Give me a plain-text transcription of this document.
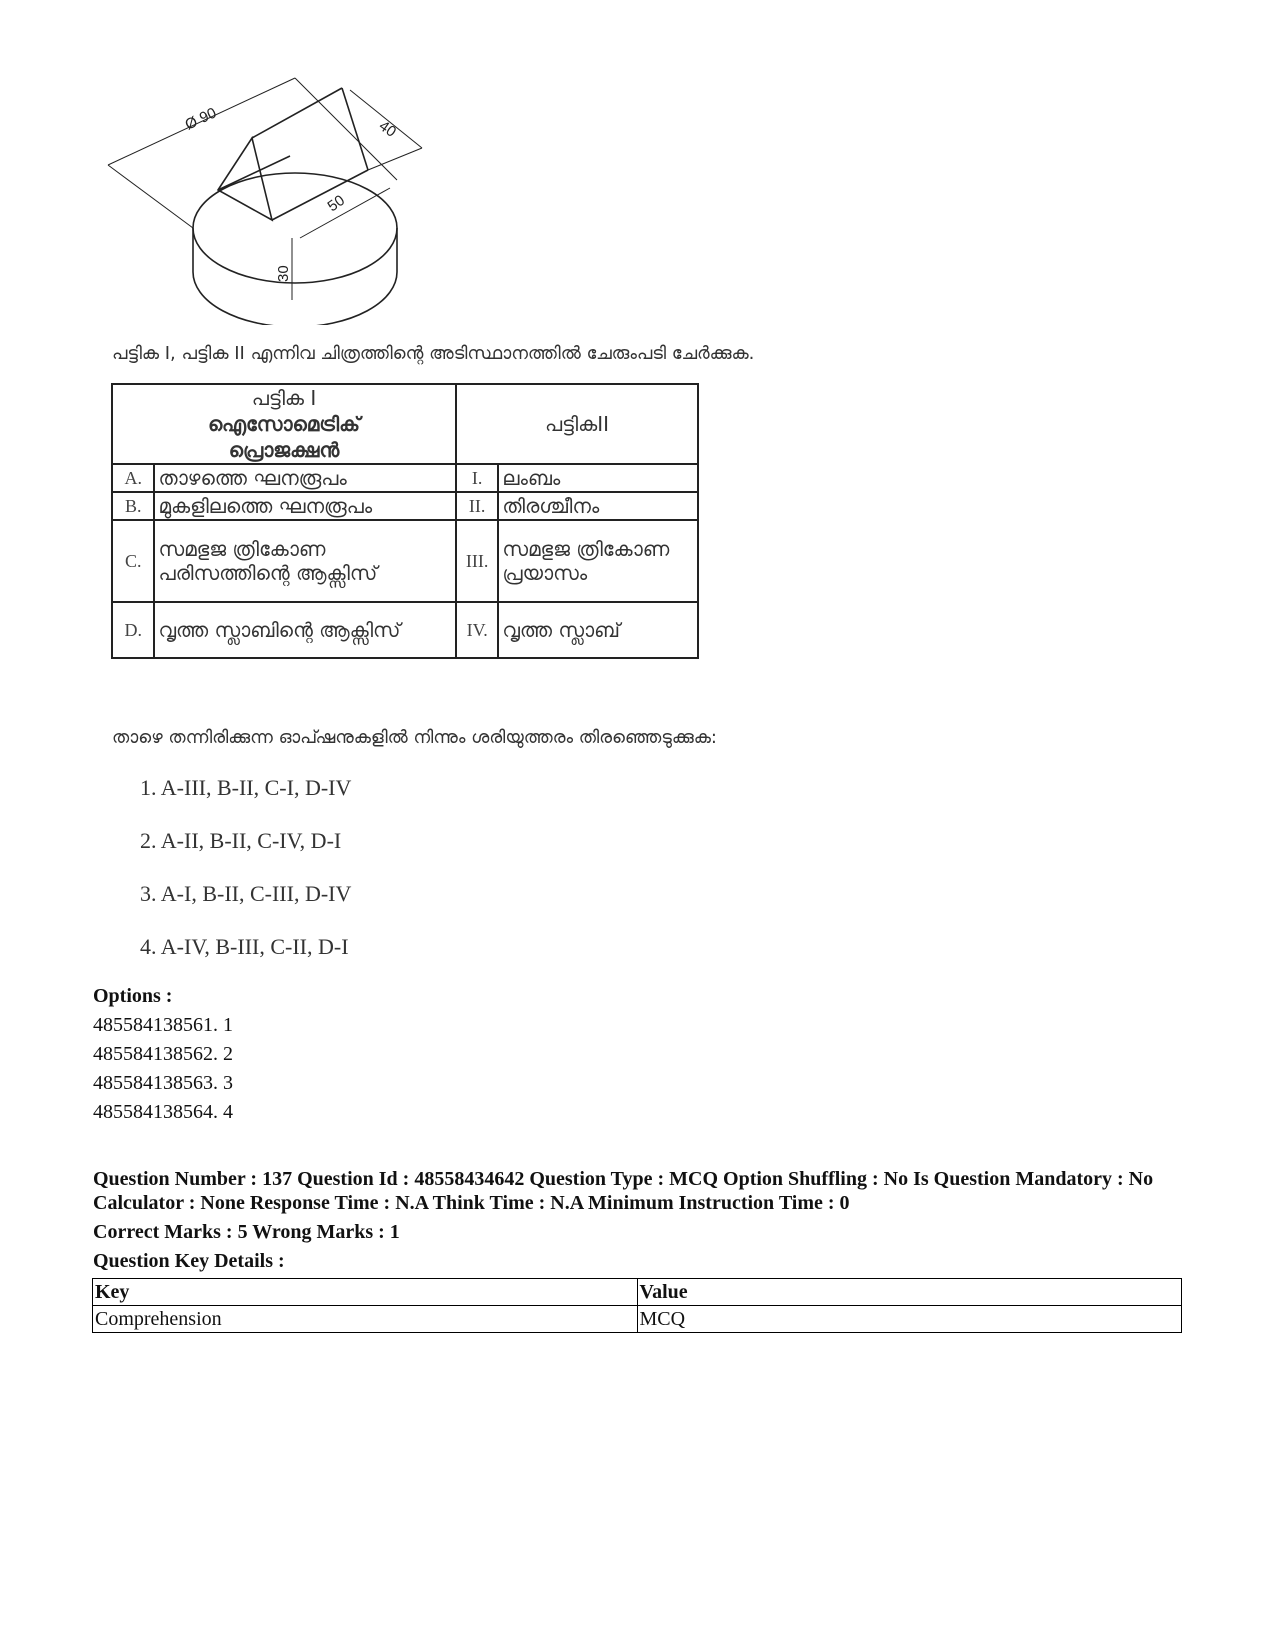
Ø 90	40
50
30
പട്ടിക I, പട്ടിക II എന്നിവ ചിത്രത്തിന്റെ അടിസ്ഥാനത്തിൽ ചേരുംപടി ചേർക്കുക.
പട്ടിക I
ഐസോമെട്രിക് പ്രൊജക്ഷൻ		പട്ടികII	
A.	താഴത്തെ ഘനരൂപം	I.	ലംബം
B.	മുകളിലത്തെ ഘനരൂപം	II.	തിരശ്ചീനം
C.	സമഭുജ ത്രികോണ പരിസത്തിന്റെ ആക്സിസ്	III.	സമഭുജ ത്രികോണ പ്രയാസം
D.	വൃത്ത സ്ലാബിന്റെ ആക്സിസ്	IV.	വൃത്ത സ്ലാബ്
താഴെ തന്നിരിക്കുന്ന ഓപ്ഷനുകളിൽ നിന്നും ശരിയുത്തരം തിരഞ്ഞെടുക്കുക:
1. A-III, B-II, C-I, D-IV
2. A-II, B-II, C-IV, D-I
3. A-I, B-II, C-III, D-IV
4. A-IV, B-III, C-II, D-I
Options :
485584138561. 1
485584138562. 2
485584138563. 3
485584138564. 4
Question Number : 137 Question Id : 48558434642 Question Type : MCQ Option Shuffling : No Is Question Mandatory : No Calculator : None Response Time : N.A Think Time : N.A Minimum Instruction Time : 0
Correct Marks : 5 Wrong Marks : 1
Question Key Details :
Key	Value
Comprehension	MCQ
